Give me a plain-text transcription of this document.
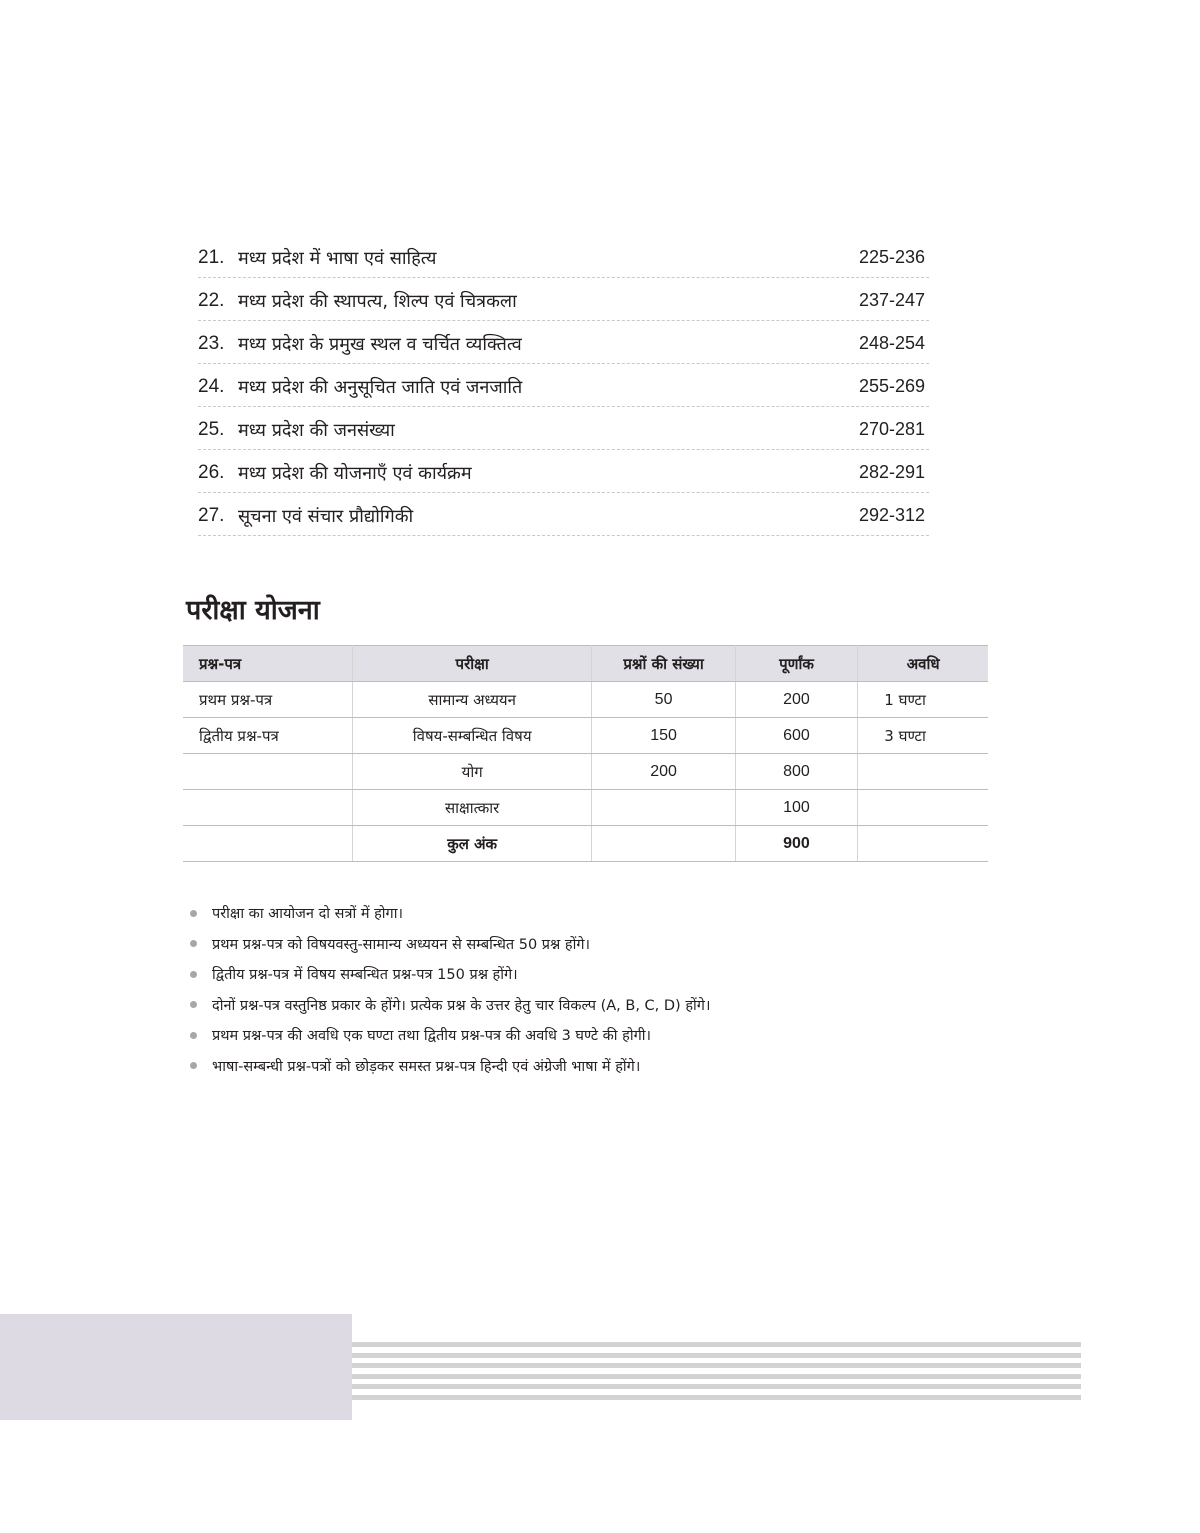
21. मध्य प्रदेश में भाषा एवं साहित्य	225-236
22. मध्य प्रदेश की स्थापत्य, शिल्प एवं चित्रकला	237-247
23. मध्य प्रदेश के प्रमुख स्थल व चर्चित व्यक्तित्व	248-254
24. मध्य प्रदेश की अनुसूचित जाति एवं जनजाति	255-269
25. मध्य प्रदेश की जनसंख्या	270-281
26. मध्य प्रदेश की योजनाएँ एवं कार्यक्रम	282-291
27. सूचना एवं संचार प्रौद्योगिकी	292-312
परीक्षा योजना
प्रश्न-पत्र	परीक्षा	प्रश्नों की संख्या	पूर्णांक	अवधि
प्रथम प्रश्न-पत्र	सामान्य अध्ययन	50	200	1 घण्टा
द्वितीय प्रश्न-पत्र	विषय-सम्बन्धित विषय	150	600	3 घण्टा
	योग	200	800	
	साक्षात्कार		100	
	कुल अंक		900	
परीक्षा का आयोजन दो सत्रों में होगा।
प्रथम प्रश्न-पत्र को विषयवस्तु-सामान्य अध्ययन से सम्बन्धित 50 प्रश्न होंगे।
द्वितीय प्रश्न-पत्र में विषय सम्बन्धित प्रश्न-पत्र 150 प्रश्न होंगे।
दोनों प्रश्न-पत्र वस्तुनिष्ठ प्रकार के होंगे। प्रत्येक प्रश्न के उत्तर हेतु चार विकल्प (A, B, C, D) होंगे।
प्रथम प्रश्न-पत्र की अवधि एक घण्टा तथा द्वितीय प्रश्न-पत्र की अवधि 3 घण्टे की होगी।
भाषा-सम्बन्धी प्रश्न-पत्रों को छोड़कर समस्त प्रश्न-पत्र हिन्दी एवं अंग्रेजी भाषा में होंगे।
